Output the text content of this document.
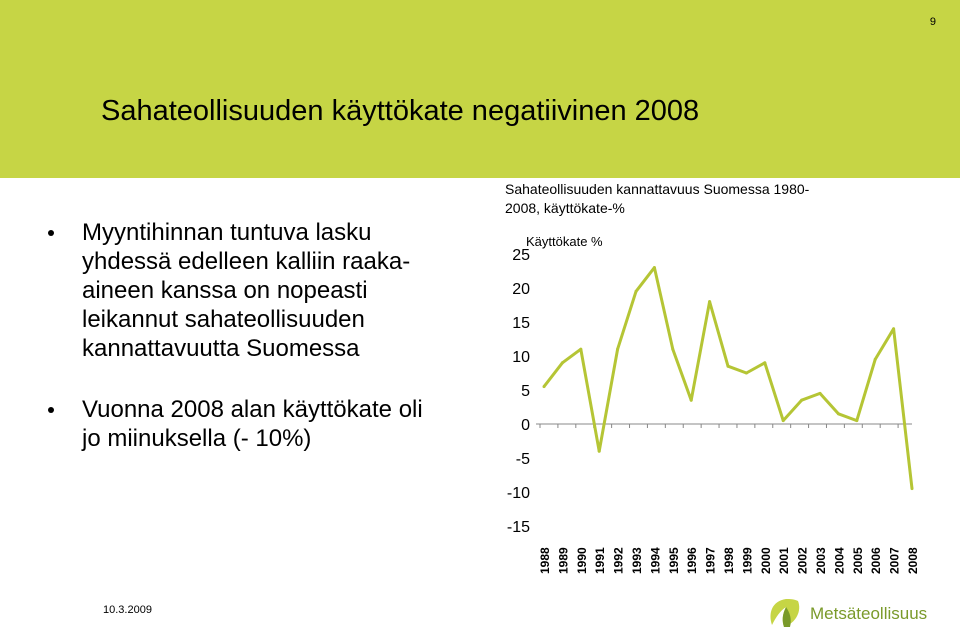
9
Sahateollisuuden käyttökate negatiivinen 2008
Myyntihinnan tuntuva lasku
yhdessä edelleen kalliin raaka-
aineen kanssa on nopeasti
leikannut sahateollisuuden
kannattavuutta Suomessa
Vuonna 2008 alan käyttökate oli
jo miinuksella (- 10%)
Sahateollisuuden kannattavuus Suomessa 1980-
2008, käyttökate-%
Käyttökate %
25
20
15
10
5
0
-5
-10
-15
1988 1989 1990 1991 1992 1993 1994 1995 1996 1997 1998 1999 2000 2001 2002 2003 2004 2005 2006 2007 2008
10.3.2009	Metsäteollisuus
